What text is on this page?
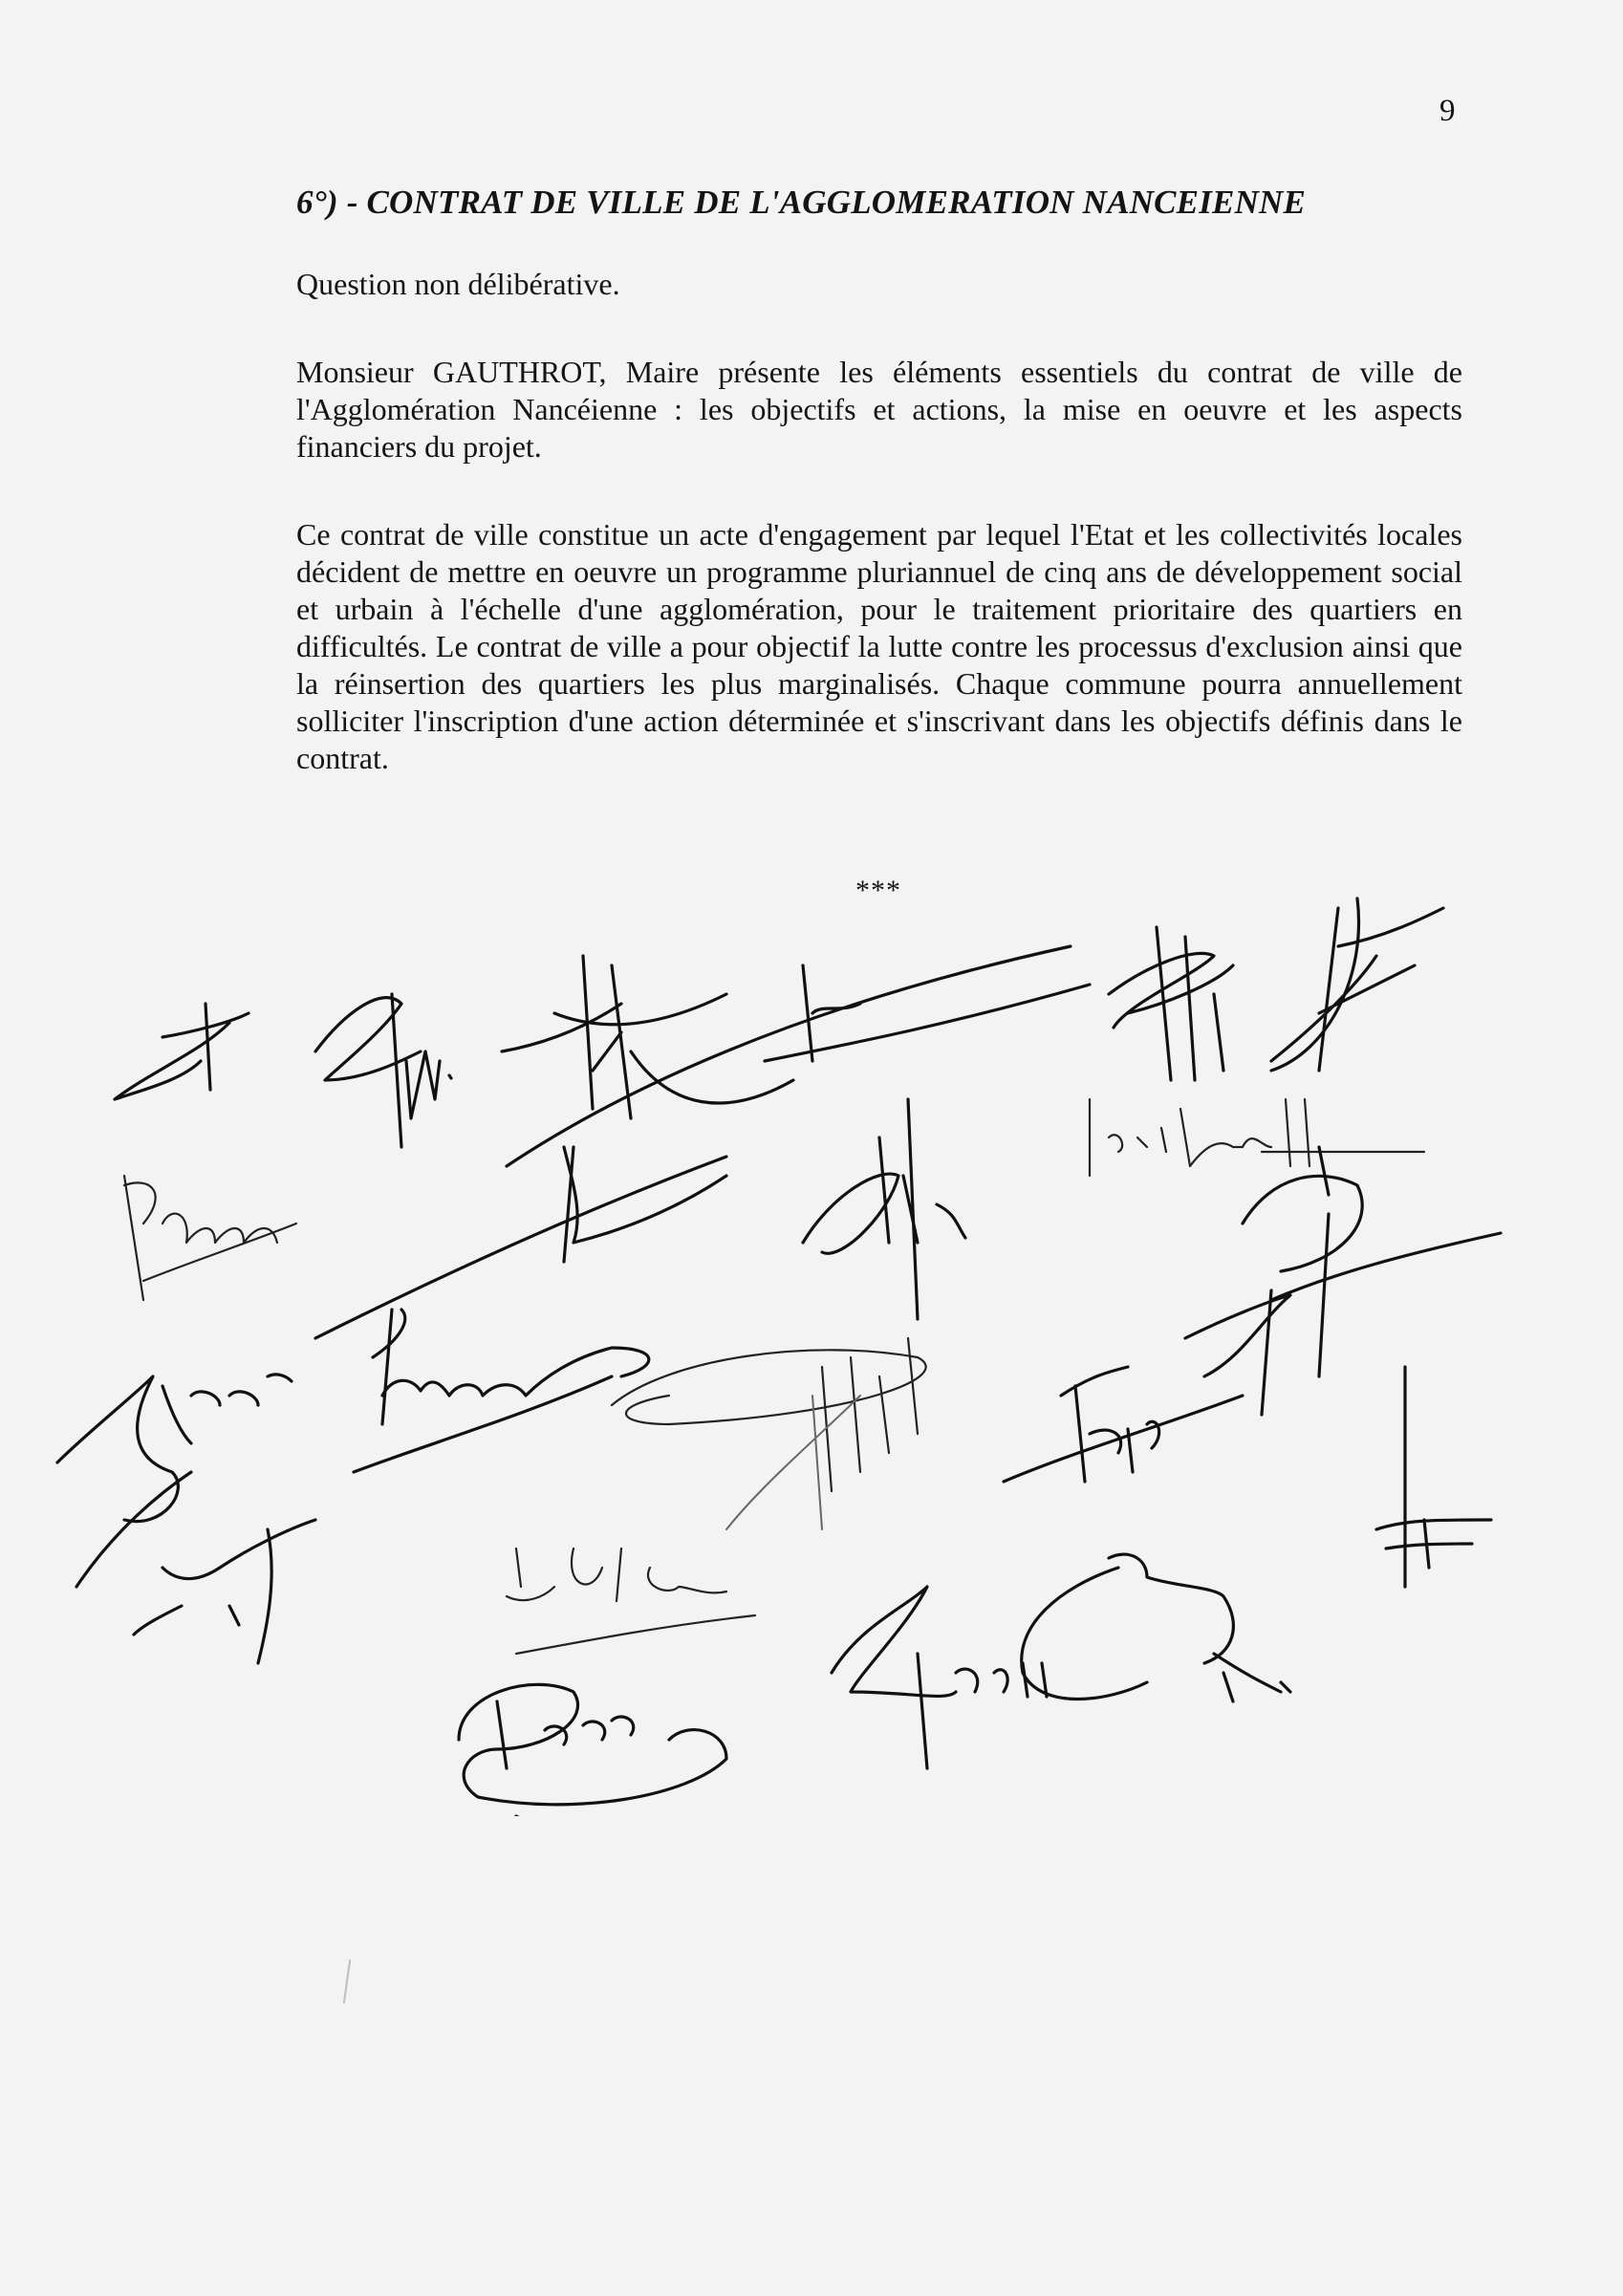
9
6°) - CONTRAT DE VILLE DE L'AGGLOMERATION NANCEIENNE

Question non délibérative.

Monsieur GAUTHROT, Maire présente les éléments essentiels du contrat de ville de l'Agglomération Nancéienne : les objectifs et actions, la mise en oeuvre et les aspects financiers du projet.

Ce contrat de ville constitue un acte d'engagement par lequel l'Etat et les collectivités locales décident de mettre en oeuvre un programme pluriannuel de cinq ans de développement social et urbain à l'échelle d'une agglomération, pour le traitement prioritaire des quartiers en difficultés. Le contrat de ville a pour objectif la lutte contre les processus d'exclusion ainsi que la réinsertion des quartiers les plus marginalisés. Chaque commune pourra annuellement solliciter l'inscription d'une action déterminée et s'inscrivant dans les objectifs définis dans le contrat.

***
